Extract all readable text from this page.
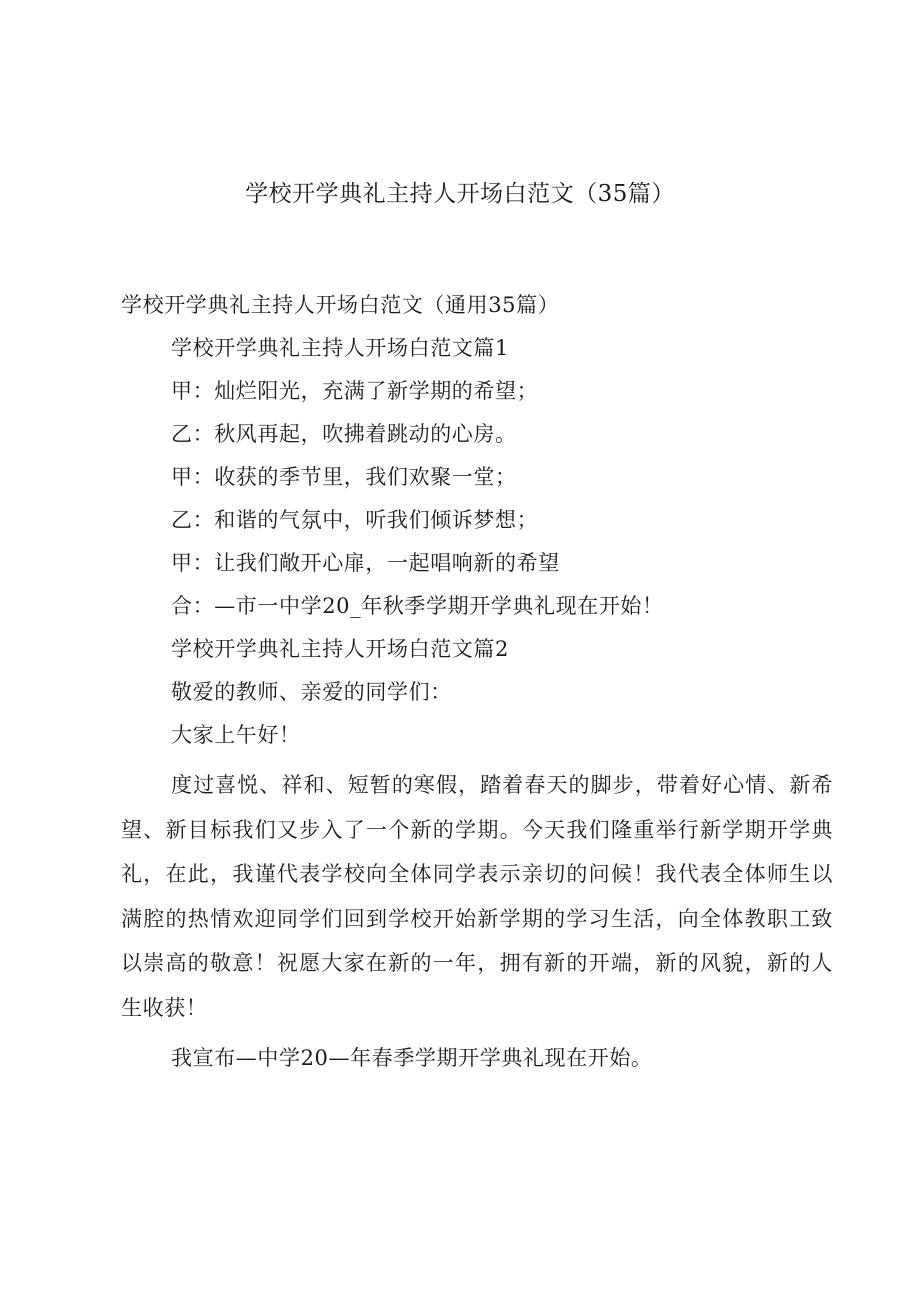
学校开学典礼主持人开场白范文（35篇）

学校开学典礼主持人开场白范文（通用35篇）

学校开学典礼主持人开场白范文篇1

甲：灿烂阳光，充满了新学期的希望；

乙：秋风再起，吹拂着跳动的心房。

甲：收获的季节里，我们欢聚一堂；

乙：和谐的气氛中，听我们倾诉梦想；

甲：让我们敞开心扉，一起唱响新的希望

合：—市一中学20_年秋季学期开学典礼现在开始！

学校开学典礼主持人开场白范文篇2

敬爱的教师、亲爱的同学们：

大家上午好！

度过喜悦、祥和、短暂的寒假，踏着春天的脚步，带着好心情、新希望、新目标我们又步入了一个新的学期。今天我们隆重举行新学期开学典礼，在此，我谨代表学校向全体同学表示亲切的问候！我代表全体师生以满腔的热情欢迎同学们回到学校开始新学期的学习生活，向全体教职工致以崇高的敬意！祝愿大家在新的一年，拥有新的开端，新的风貌，新的人生收获！

我宣布—中学20—年春季学期开学典礼现在开始。
